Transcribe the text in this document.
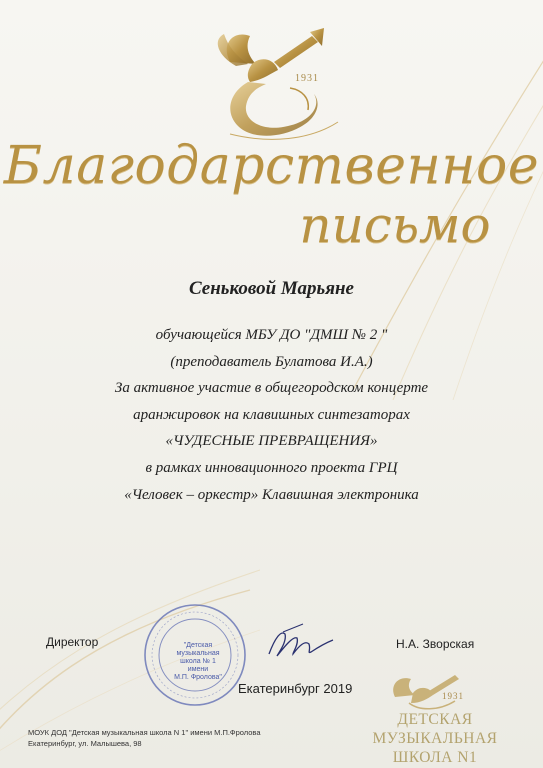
1931
Благодарственное
письмо
Сеньковой Марьяне
обучающейся МБУ ДО "ДМШ № 2 "
(преподаватель Булатова И.А.)
За активное участие в общегородском концерте
аранжировок на клавишных синтезаторах
«ЧУДЕСНЫЕ ПРЕВРАЩЕНИЯ»
в рамках инновационного проекта ГРЦ
«Человек – оркестр» Клавишная электроника
Директор	"Детская
музыкальная
школа № 1 имени
М.П. Фролова"
Н.А. Зворская
Екатеринбург 2019
МОУК ДОД "Детская музыкальная школа N 1" имени М.П.Фролова
Екатеринбург, ул. Малышева, 98
1931
ДЕТСКАЯ МУЗЫКАЛЬНАЯ
ШКОЛА N1
